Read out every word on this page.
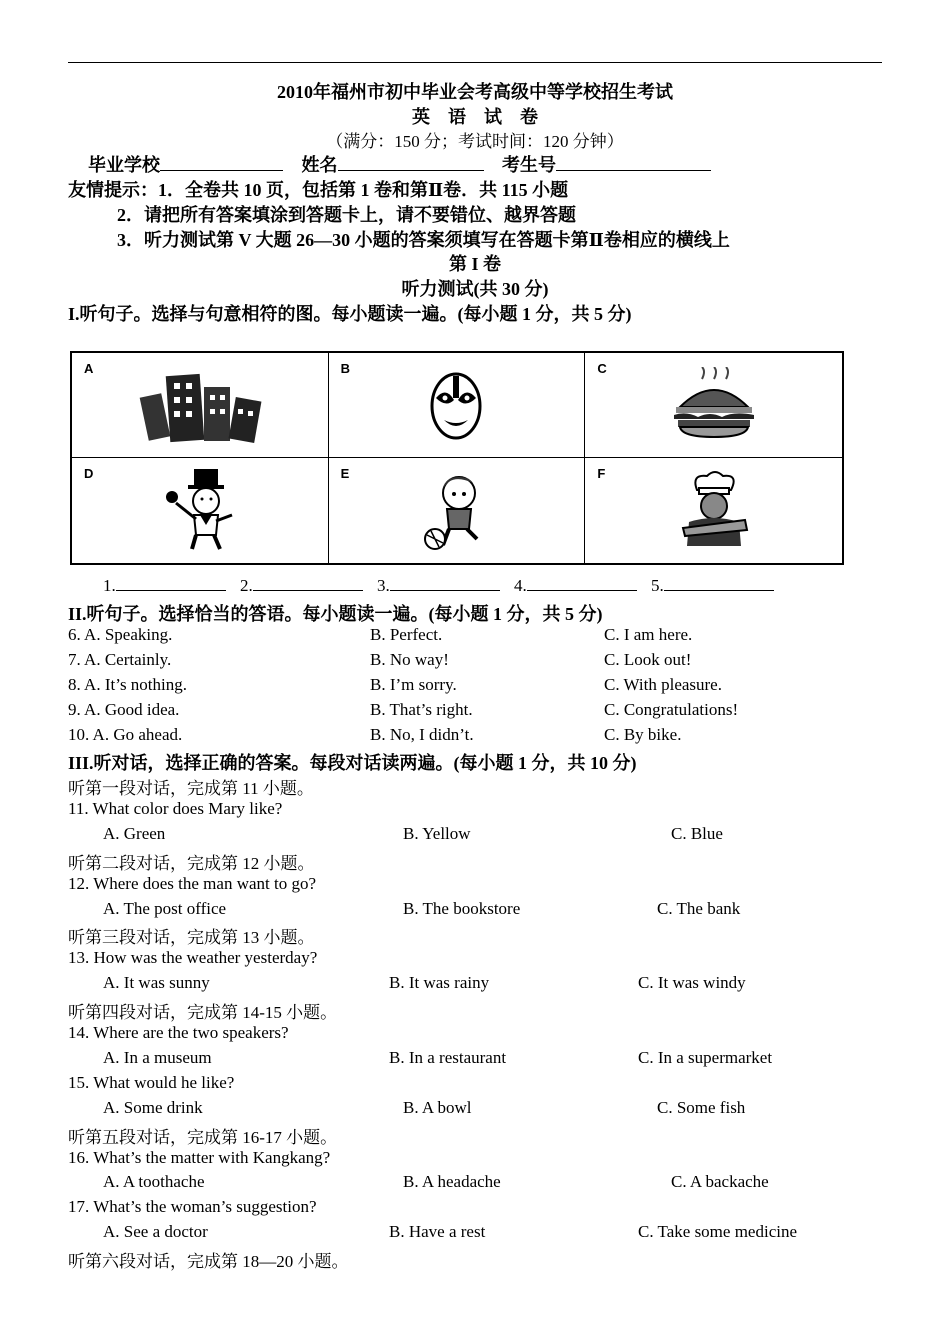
2010年福州市初中毕业会考高级中等学校招生考试
英　语　试　卷
（满分：150 分；考试时间：120 分钟）
毕业学校	姓名	考生号
友情提示：1．全卷共 10 页，包括第 1 卷和第Ⅱ卷．共 115 小题
2．请把所有答案填涂到答题卡上，请不要错位、越界答题
3．听力测试第 V 大题 26—30 小题的答案须填写在答题卡第Ⅱ卷相应的横线上
第 I 卷
听力测试(共 30 分)
I.听句子。选择与句意相符的图。每小题读一遍。(每小题 1 分，共 5 分)
A	B	C
D	E	F
1.	2.	3.	4.	5.
II.听句子。选择恰当的答语。每小题读一遍。(每小题 1 分，共 5 分)
6. A. Speaking.	B. Perfect.	C. I am here.
7. A. Certainly.	B. No way!	C. Look out!
8. A. It’s nothing.	B. I’m sorry.	C. With pleasure.
9. A. Good idea.	B. That’s right.	C. Congratulations!
10. A. Go ahead.	B. No, I didn’t.	C. By bike.
III.听对话，选择正确的答案。每段对话读两遍。(每小题 1 分，共 10 分)
听第一段对话，完成第 11 小题。
11. What color does Mary like?
A. Green	B. Yellow	C. Blue
听第二段对话，完成第 12 小题。
12. Where does the man want to go?
A. The post office	B. The bookstore	C. The bank
听第三段对话，完成第 13 小题。
13. How was the weather yesterday?
A. It was sunny	B. It was rainy	C. It was windy
听第四段对话，完成第 14-15 小题。
14. Where are the two speakers?
A. In a museum	B. In a restaurant	C. In a supermarket
15. What would he like?
A. Some drink	B. A bowl	C. Some fish
听第五段对话，完成第 16-17 小题。
16. What’s the matter with Kangkang?
A. A toothache	B. A headache	C. A backache
17. What’s the woman’s suggestion?
A. See a doctor	B. Have a rest	C. Take some medicine
听第六段对话，完成第 18—20 小题。
